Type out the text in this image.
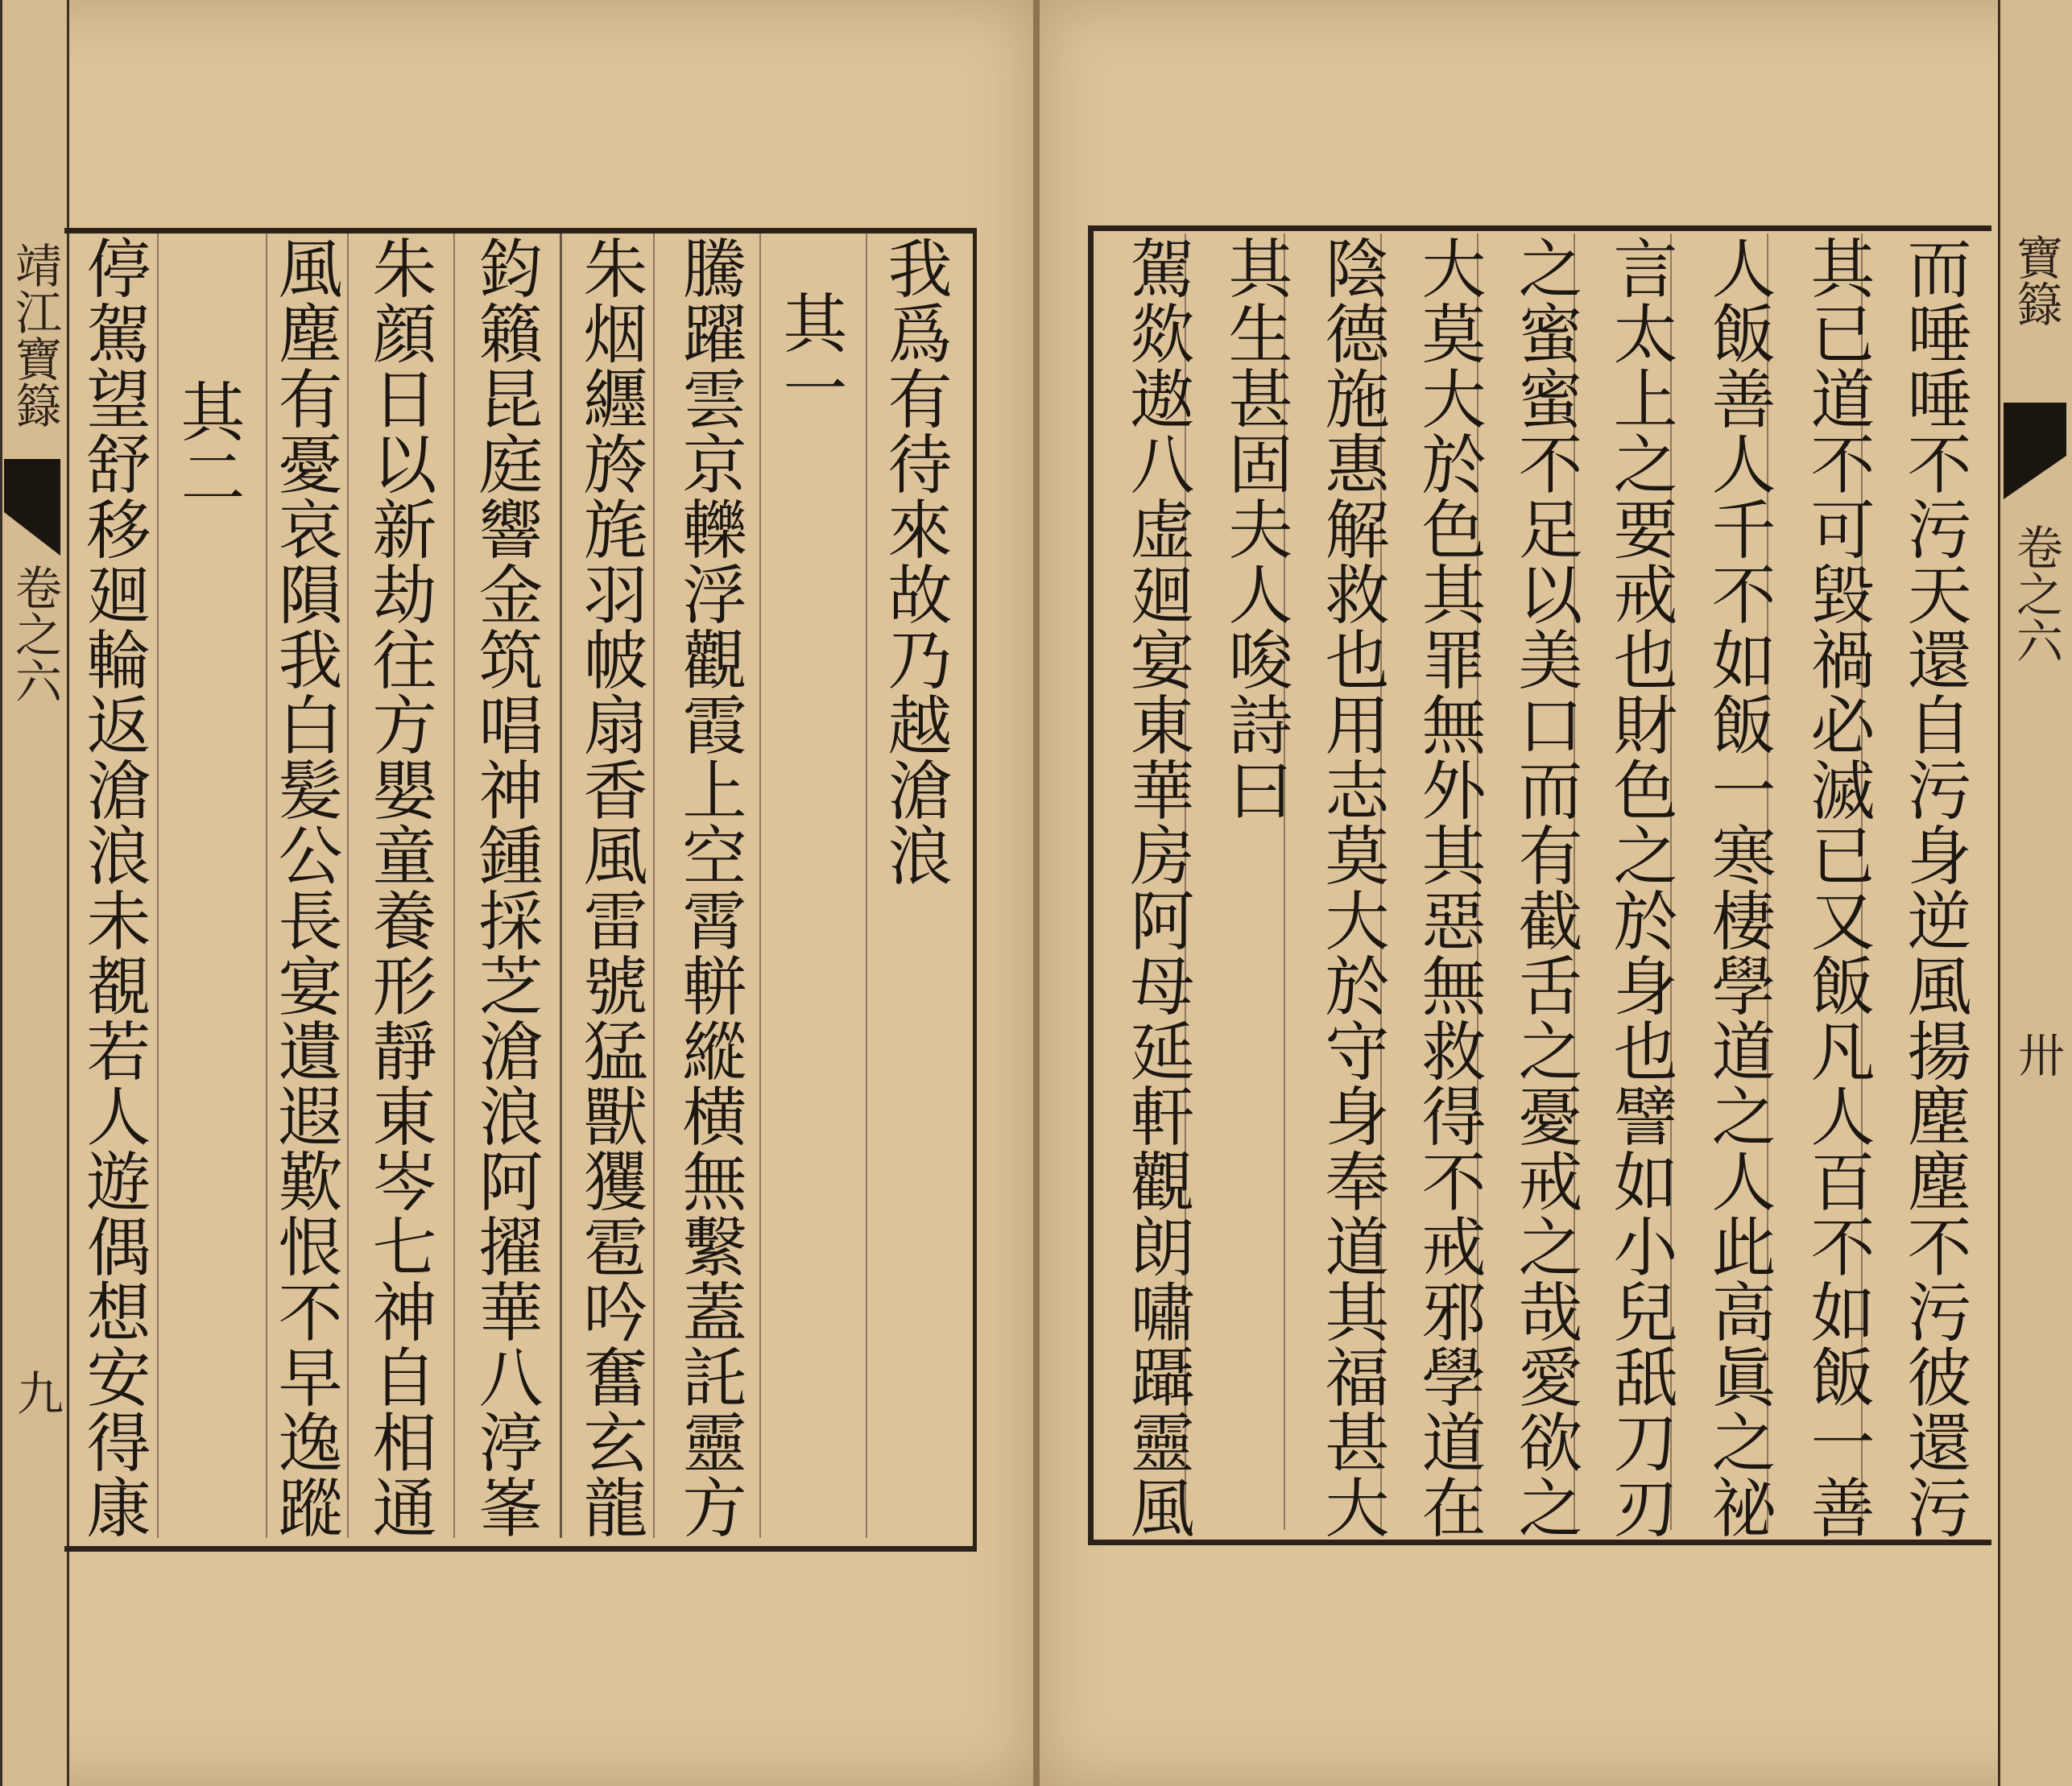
靖江寶籙
卷之六
九
我爲有待來故乃越滄浪
其一
騰躍雲京轢浮觀霞上空霄軿縱横無繫蓋託靈方
朱烟纒旍旄羽帔扇香風雷號猛獸玃雹吟奮玄龍
鈞籟昆庭響金筑唱神鍾採芝滄浪阿擢華八渟峯
朱顔日以新劫往方嬰童養形靜東岑七神自相通
風塵有憂哀隕我白髪公長宴遺遐歎恨不早逸蹤
其二
停駕望舒移廻輪返滄浪未覩若人遊偶想安得康	而唾唾不污天還自污身逆風揚塵塵不污彼還污
其已道不可毀禍必滅已又飯凡人百不如飯一善
人飯善人千不如飯一寒棲學道之人此高眞之祕
言太上之要戒也財色之於身也譬如小兒舐刀刃
之蜜蜜不足以美口而有截舌之憂戒之哉愛欲之
大莫大於色其罪無外其惡無救得不戒邪學道在
陰德施惠解救也用志莫大於守身奉道其福甚大
其生甚固夫人唆詩曰
駕欻遨八虚廻宴東華房阿母延軒觀朗嘯躡靈風	寶籙
卷之六
卅
